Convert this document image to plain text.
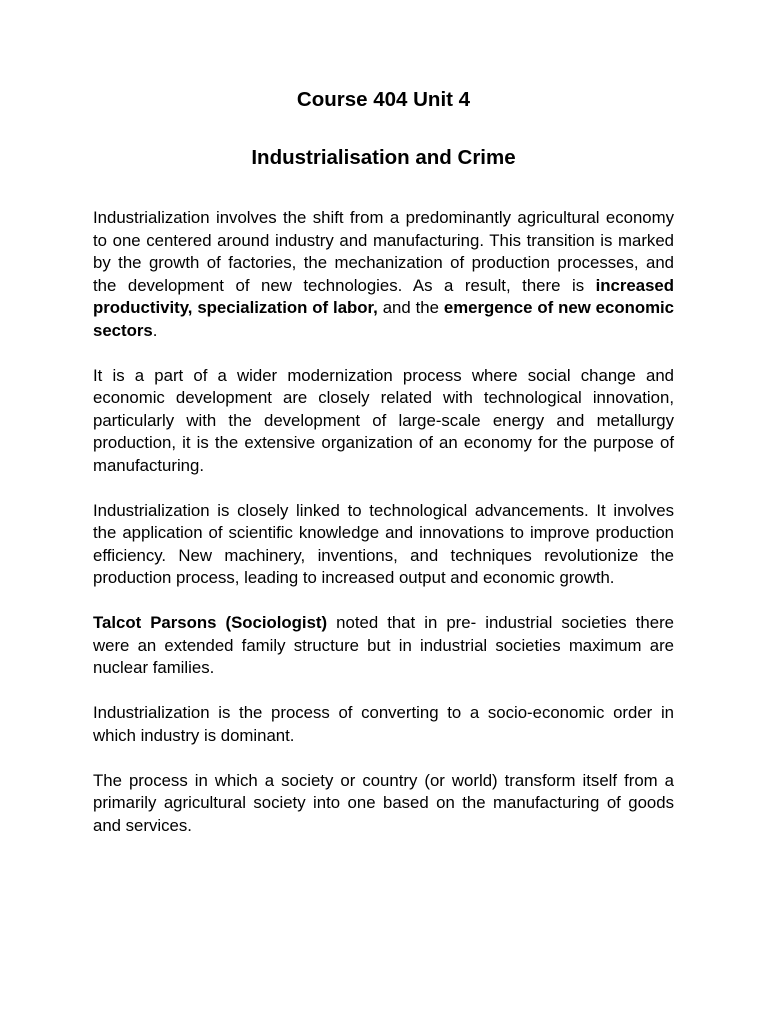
Course 404 Unit 4
Industrialisation and Crime

Industrialization involves the shift from a predominantly agricultural economy to one centered around industry and manufacturing. This transition is marked by the growth of factories, the mechanization of production processes, and the development of new technologies. As a result, there is increased productivity, specialization of labor, and the emergence of new economic sectors.

It is a part of a wider modernization process where social change and economic development are closely related with technological innovation, particularly with the development of large-scale energy and metallurgy production, it is the extensive organization of an economy for the purpose of manufacturing.

Industrialization is closely linked to technological advancements. It involves the application of scientific knowledge and innovations to improve production efficiency. New machinery, inventions, and techniques revolutionize the production process, leading to increased output and economic growth.

Talcot Parsons (Sociologist) noted that in pre- industrial societies there were an extended family structure but in industrial societies maximum are nuclear families.

Industrialization is the process of converting to a socio-economic order in which industry is dominant.

The process in which a society or country (or world) transform itself from a primarily agricultural society into one based on the manufacturing of goods and services.
